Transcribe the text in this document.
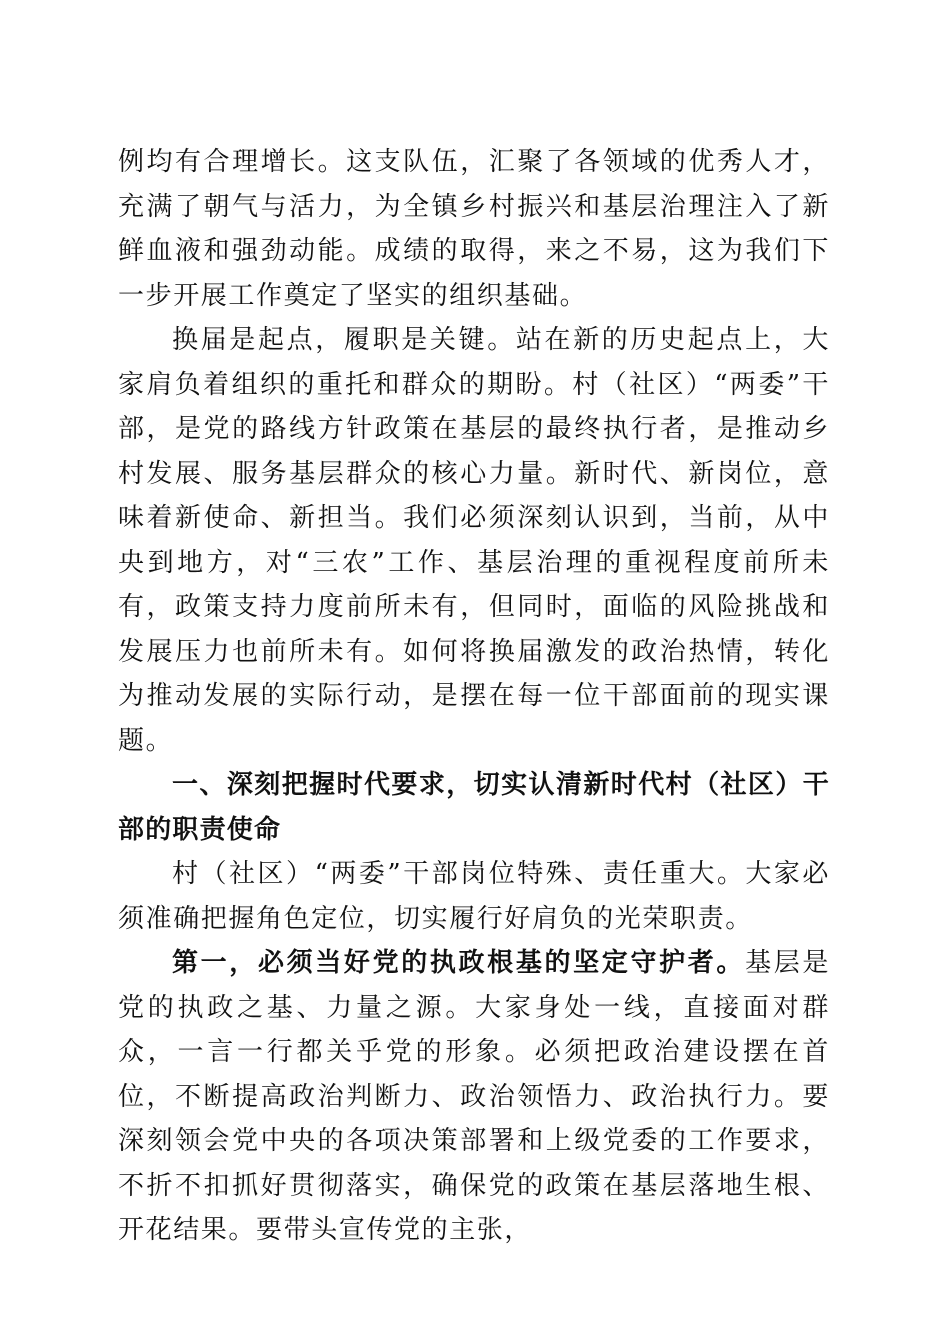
例均有合理增长。这支队伍，汇聚了各领域的优秀人才，充满了朝气与活力，为全镇乡村振兴和基层治理注入了新鲜血液和强劲动能。成绩的取得，来之不易，这为我们下一步开展工作奠定了坚实的组织基础。

换届是起点，履职是关键。站在新的历史起点上，大家肩负着组织的重托和群众的期盼。村（社区）“两委”干部，是党的路线方针政策在基层的最终执行者，是推动乡村发展、服务基层群众的核心力量。新时代、新岗位，意味着新使命、新担当。我们必须深刻认识到，当前，从中央到地方，对“三农”工作、基层治理的重视程度前所未有，政策支持力度前所未有，但同时，面临的风险挑战和发展压力也前所未有。如何将换届激发的政治热情，转化为推动发展的实际行动，是摆在每一位干部面前的现实课题。

一、深刻把握时代要求，切实认清新时代村（社区）干部的职责使命

村（社区）“两委”干部岗位特殊、责任重大。大家必须准确把握角色定位，切实履行好肩负的光荣职责。

第一，必须当好党的执政根基的坚定守护者。基层是党的执政之基、力量之源。大家身处一线，直接面对群众，一言一行都关乎党的形象。必须把政治建设摆在首位，不断提高政治判断力、政治领悟力、政治执行力。要深刻领会党中央的各项决策部署和上级党委的工作要求，不折不扣抓好贯彻落实，确保党的政策在基层落地生根、开花结果。要带头宣传党的主张，
